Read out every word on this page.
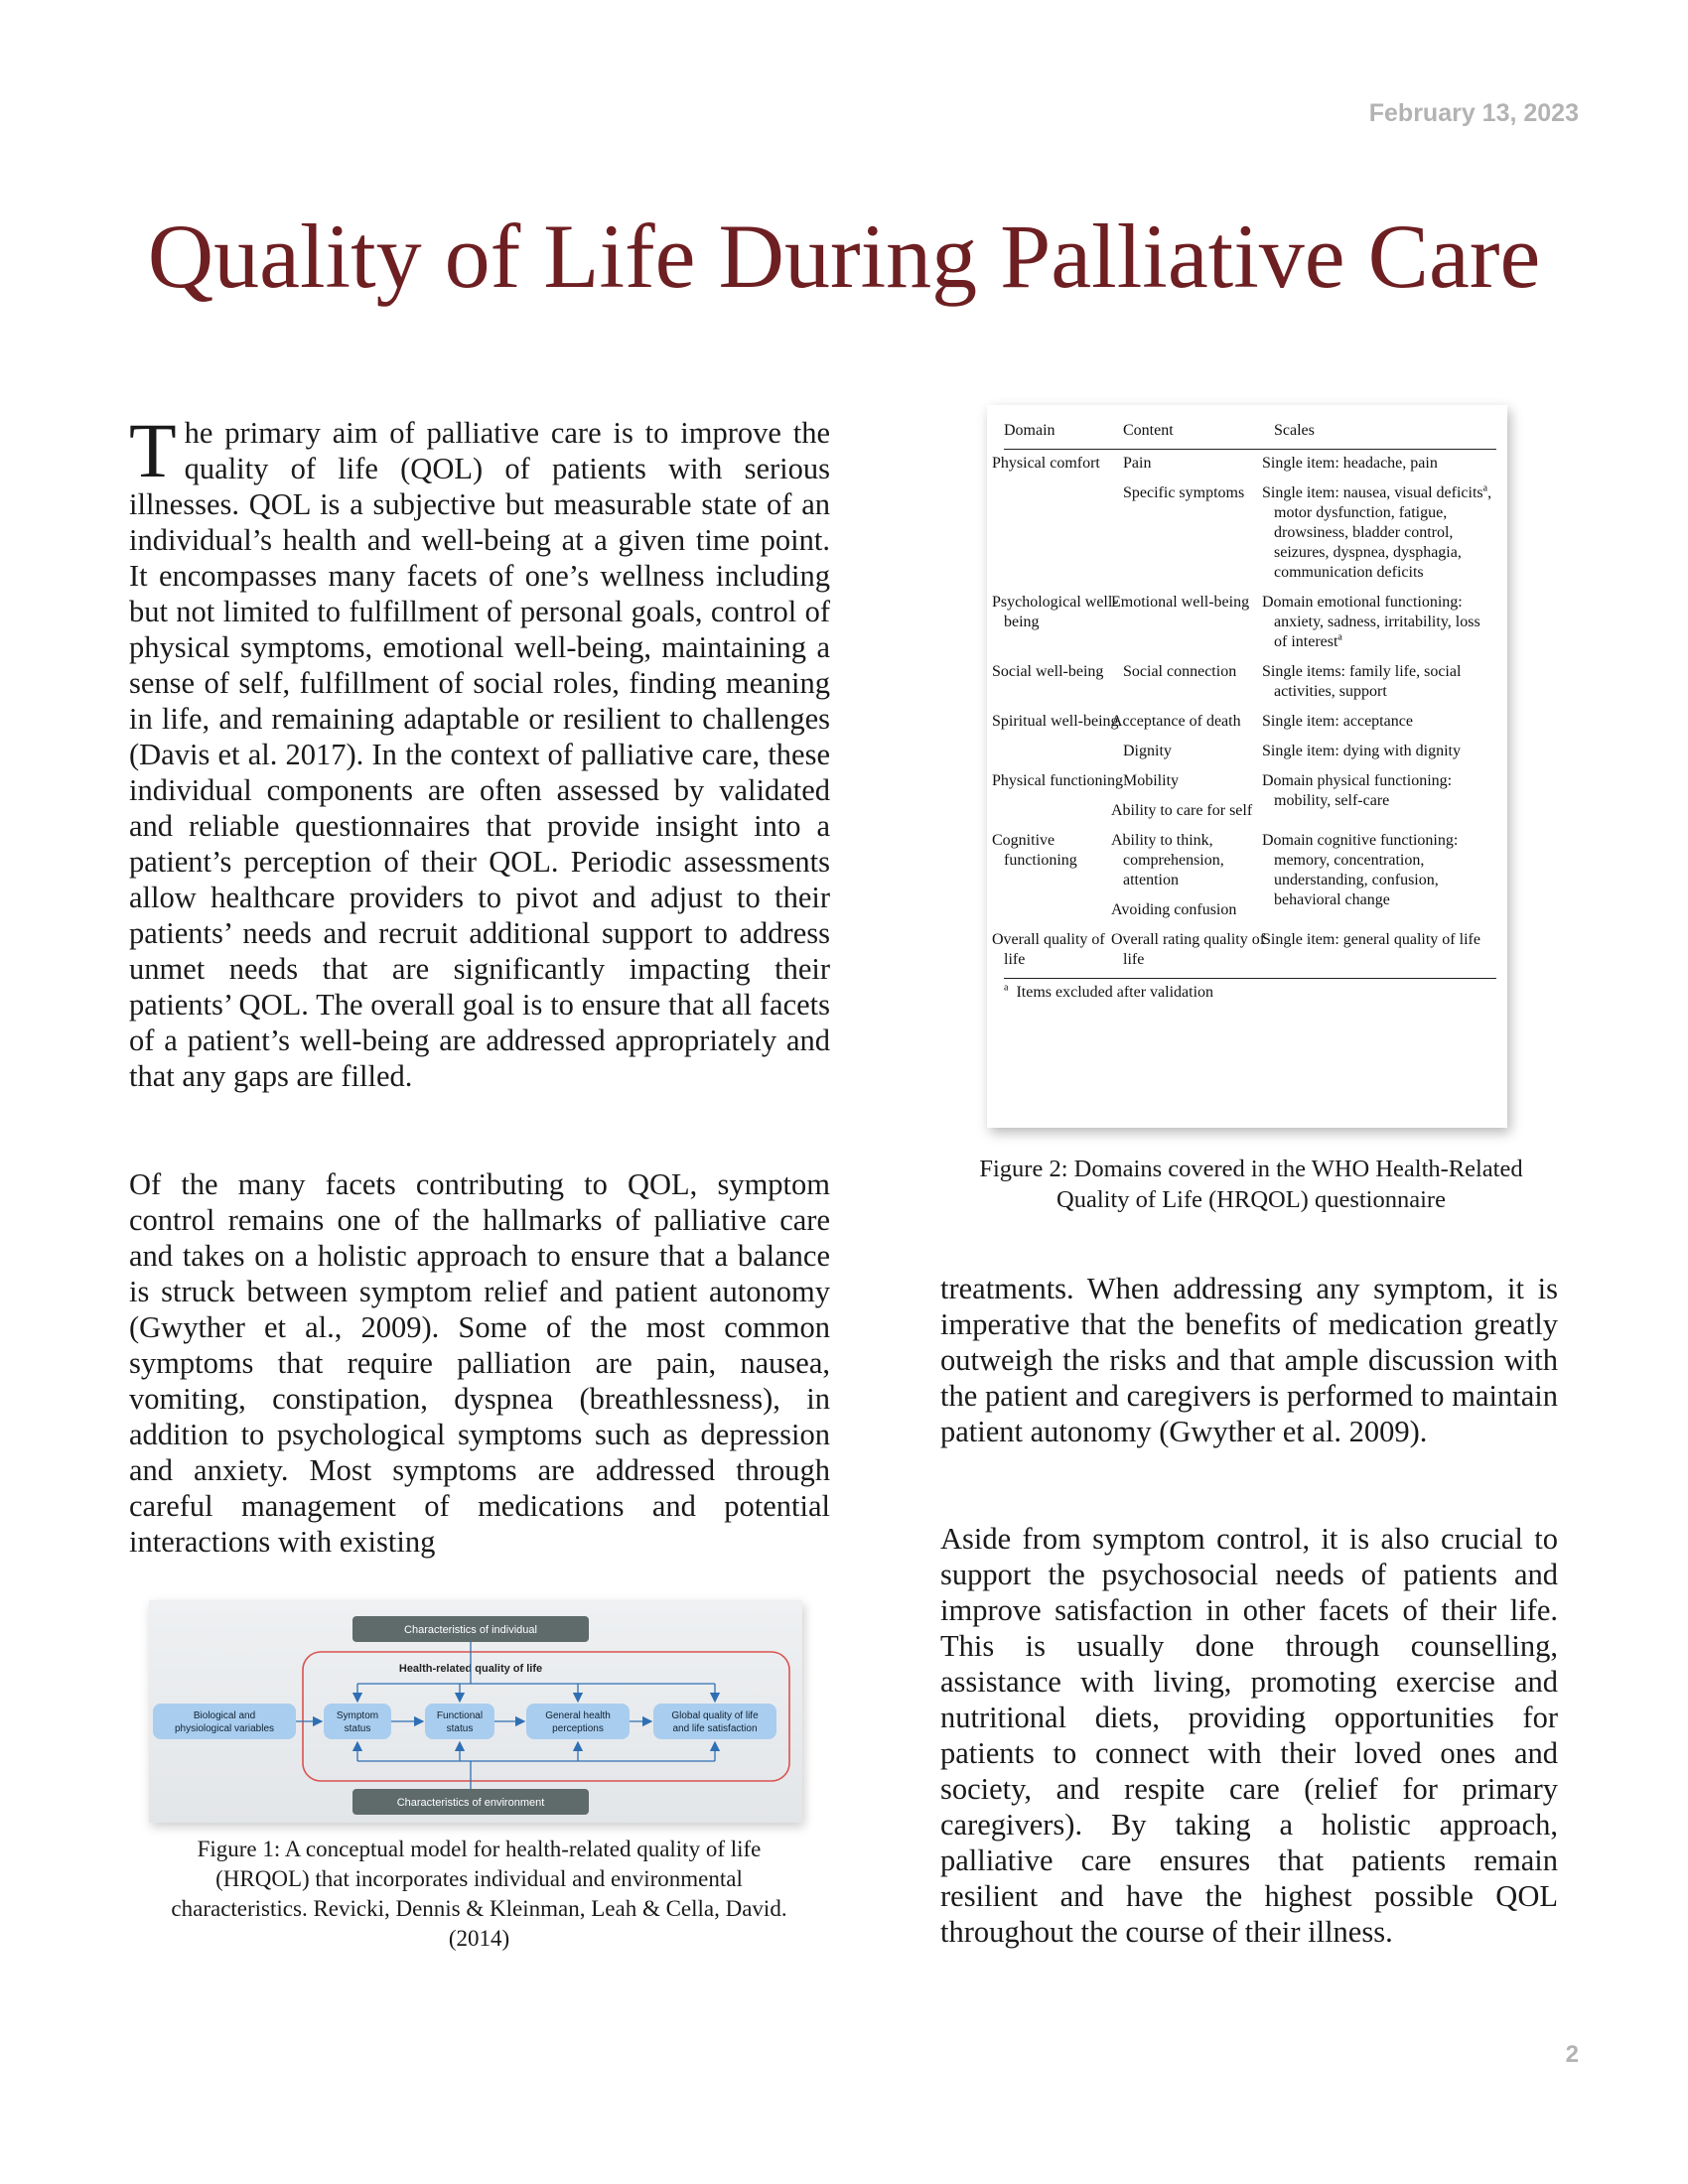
February 13, 2023
Quality of Life During Palliative Care

The primary aim of palliative care is to improve the quality of life (QOL) of patients with serious illnesses. QOL is a subjective but measurable state of an individual’s health and well-being at a given time point. It encompasses many facets of one’s wellness including but not limited to fulfillment of personal goals, control of physical symptoms, emotional well-being, maintaining a sense of self, fulfillment of social roles, finding meaning in life, and remaining adaptable or resilient to challenges (Davis et al. 2017). In the context of palliative care, these individual components are often assessed by validated and reliable questionnaires that provide insight into a patient’s perception of their QOL. Periodic assessments allow healthcare providers to pivot and adjust to their patients’ needs and recruit additional support to address unmet needs that are significantly impacting their patients’ QOL. The overall goal is to ensure that all facets of a patient’s well-being are addressed appropriately and that any gaps are filled.

Of the many facets contributing to QOL, symptom control remains one of the hallmarks of palliative care and takes on a holistic approach to ensure that a balance is struck between symptom relief and patient autonomy (Gwyther et al., 2009). Some of the most common symptoms that require palliation are pain, nausea, vomiting, constipation, dyspnea (breathlessness), in addition to psychological symptoms such as depression and anxiety. Most symptoms are addressed through careful management of medications and potential interactions with existing

Domain	Content	Scales
Physical comfort	Pain	Single item: headache, pain
	Specific symptoms	Single item: nausea, visual deficits$^a$, motor dysfunction, fatigue, drowsiness, bladder control, seizures, dyspnea, dysphagia, communication deficits
Psychological well-being	Emotional well-being	Domain emotional functioning: anxiety, sadness, irritability, loss of interest$^a$
Social well-being	Social connection	Single items: family life, social activities, support
Spiritual well-being	Acceptance of death	Single item: acceptance
	Dignity	Single item: dying with dignity
Physical functioning	Mobility	Domain physical functioning: mobility, self-care
	Ability to care for self	
Cognitive functioning	Ability to think, comprehension, attention	Domain cognitive functioning: memory, concentration, understanding, confusion, behavioral change
	Avoiding confusion	
Overall quality of life	Overall rating quality of life	Single item: general quality of life
$^a$ Items excluded after validation		

Figure 2: Domains covered in the WHO Health-Related Quality of Life (HRQOL) questionnaire

treatments. When addressing any symptom, it is imperative that the benefits of medication greatly outweigh the risks and that ample discussion with the patient and caregivers is performed to maintain patient autonomy (Gwyther et al. 2009).

Aside from symptom control, it is also crucial to support the psychosocial needs of patients and improve satisfaction in other facets of their life. This is usually done through counselling, assistance with living, promoting exercise and nutritional diets, providing opportunities for patients to connect with their loved ones and society, and respite care (relief for primary caregivers). By taking a holistic approach, palliative care ensures that patients remain resilient and have the highest possible QOL throughout the course of their illness.

Characteristics of individual
Health-related quality of life
Biological and
physiological variables
Symptom
status
Functional
status
General health
perceptions
Global quality of life
and life satisfaction
Characteristics of environment

Figure 1: A conceptual model for health-related quality of life (HRQOL) that incorporates individual and environmental characteristics. Revicki, Dennis & Kleinman, Leah & Cella, David. (2014)

2
